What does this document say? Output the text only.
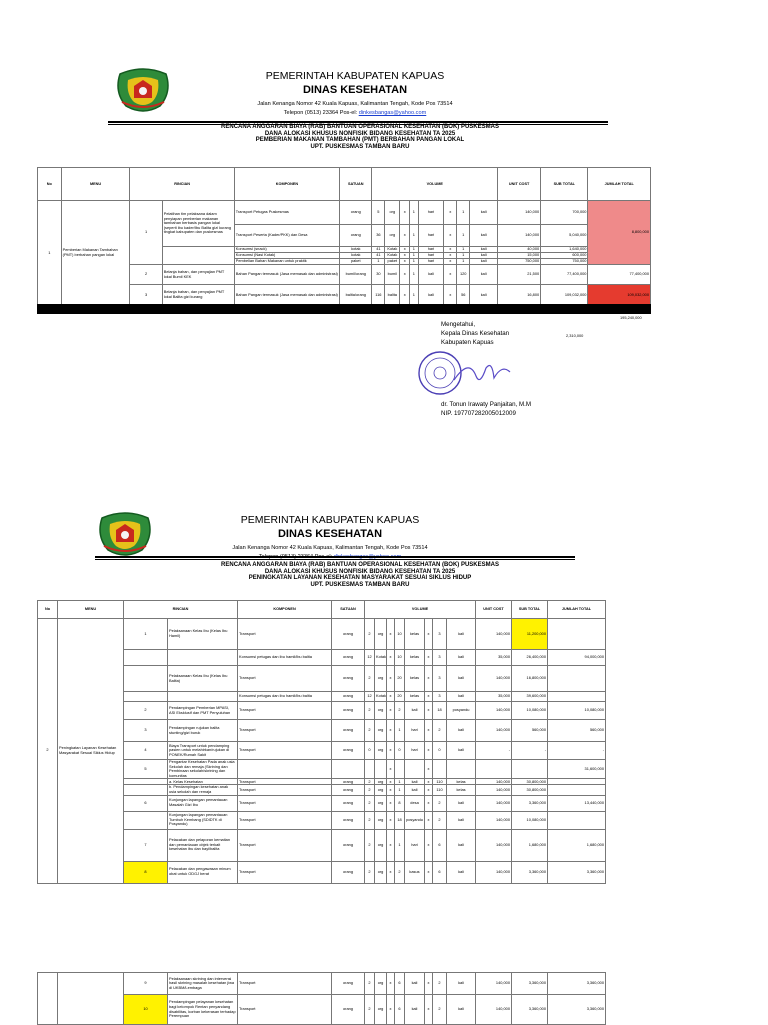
PEMERINTAH KABUPATEN KAPUAS
DINAS KESEHATAN
Jalan Kenanga Nomor 42 Kuala Kapuas, Kalimantan Tengah, Kode Pos 73514
Telepon (0513) 23364 Pos-el: dinkesbangas@yahoo.com
RENCANA ANGGARAN BIAYA (RAB) BANTUAN OPERASIONAL KESEHATAN (BOK) PUSKESMAS
DANA ALOKASI KHUSUS NONFISIK BIDANG KESEHATAN TA 2025
PEMBERIAN MAKANAN TAMBAHAN (PMT) BERBAHAN PANGAN LOKAL
UPT. PUSKESMAS TAMBAN BARU
No	MENU	RINCIAN		KOMPONEN	SATUAN	VOLUME								UNIT COST	SUB TOTAL	JUMLAH TOTAL
1	Pemberian Makanan Tambahan (PMT) berbahan pangan lokal	1	Pelatihan tim pelaksana dalam penyiapan pemberian makanan tambahan berbasis pangan lokal (seperti ibu kader/Ibu Balita gizi kurang tingkat kabupaten dan puskesmas	Transport Petugas Puskesmas	orang	5	org	x	1	hari	x	1	kali	140,000	700,000	8,800,000
				Transport Peserta (Kader/PKK) dan Desa	orang	36	org	x	1	hari	x	1	kali	140,000	5,040,000	
				Konsumsi (snack)	kotak	41	Kotak	x	1	hari	x	1	kali	40,000	1,640,000	
				Konsumsi (Nasi Kotak)	kotak	41	Kotak	x	1	hari	x	1	kali	15,000	600,000	
				Pembelian Bahan Makanan untuk praktik	paket	1	paket	x	1	hari	x	1	kali	750,000	750,000	
		2	Belanja bahan, dan penyajian PMT lokal Bumil KEK	Bahan Pangan termasuk (Jasa memasak dan administrasi)	bumil/orang	30	bumil	x	1	kali	x	120	kali	21,500	77,400,000	77,400,000
		3	Belanja bahan, dan penyajian PMT lokal Balita gizi kurang	Bahan Pangan termasuk (Jasa memasak dan administrasi)	balita/orang	116	balita	x	1	kali	x	56	kali	16,800	109,032,000	109,032,000
195,240,000
2,310,000
Mengetahui,
Kepala Dinas Kesehatan
Kabupaten Kapuas
dr. Tonun Irawaty Panjaitan, M.M
NIP. 197707282005012009
PEMERINTAH KABUPATEN KAPUAS
DINAS KESEHATAN
Jalan Kenanga Nomor 42 Kuala Kapuas, Kalimantan Tengah, Kode Pos 73514
Telepon (0513) 23364 Pos-el: dinkesbangas@yahoo.com
RENCANA ANGGARAN BIAYA (RAB) BANTUAN OPERASIONAL KESEHATAN (BOK) PUSKESMAS
DANA ALOKASI KHUSUS NONFISIK BIDANG KESEHATAN TA 2025
PENINGKATAN LAYANAN KESEHATAN MASYARAKAT SESUAI SIKLUS HIDUP
UPT. PUSKESMAS TAMBAN BARU
No	MENU	RINCIAN		KOMPONEN	SATUAN	VOLUME								UNIT COST	SUB TOTAL	JUMLAH TOTAL
2	Peningkatan Layanan Kesehatan Masyarakat Sesuai Siklus Hidup	1	Pelaksanaan Kelas Ibu (Kelas Ibu Hamil)	Transport	orang	2	org	x	10	kelas	x	3	kali	140,000	11,200,000	
				Konsumsi petugas dan ibu hamil/ibu balita	orang	12	Kotak	x	10	kelas	x	3	kali	35,000	26,400,000	94,000,000
			Pelaksanaan Kelas Ibu (Kelas Ibu Balita)	Transport	orang	2	org	x	20	kelas	x	3	kali	140,000	16,800,000	
				Konsumsi petugas dan ibu hamil/ibu balita	orang	12	Kotak	x	20	kelas	x	3	kali	35,000	39,600,000	
		2	Pendampingan Pemberian MPASI, ASI Eksklusif dan PMT Penyuluhan	Transport	orang	2	org	x	2	kali	x	18	posyandu	140,000	10,080,000	10,080,000
		3	Pendampingan rujukan balita stunting/gizi buruk	Transport	orang	2	org	x	1	hari	x	2	kali	140,000	560,000	560,000
		4	Biaya Transport untuk pendamping pasien untuk melahirkan/rujukan di PONEK/Rumah Sakit	Transport	orang	0	org	x	0	hari	x	0	kali	-	-	-
		5	Pengantar Kesehatan Pada anak usia Sekolah dan remaja (Skrining dan Pembinaan sekolah/skrining dan komunitas					x			x					31,600,000
			a. Kelas Kesehatan	Transport	orang	2	org	x	1	kali	x	110	kelas	140,000	30,800,000	
			b. Pendampingan kesehatan anak usia sekolah dan remaja	Transport	orang	2	org	x	1	kali	x	110	kelas	140,000	30,800,000	
		6	Kunjungan lapangan pemantauan Masalah Gizi Ibu	Transport	orang	2	org	x	8	desa	x	2	kali	140,000	3,360,000	13,440,000
			Kunjungan lapangan pemantauan Tumbuh Kembang (SDIDTK di Posyandu)	Transport	orang	2	org	x	18	posyandu	x	2	kali	140,000	10,080,000	
		7	Pelacakan dan pelaporan kematian dan pemantauan objek terkait kesehatan ibu dan bayi/balita	Transport	orang	2	org	x	1	hari	x	6	kali	140,000	1,680,000	1,680,000
		8	Pelacakan dan pengawasan minum obat untuk ODGJ berat	Transport	orang	2	org	x	2	kasus	x	6	kali	140,000	3,360,000	3,360,000
		9	Pelaksanaan skrining dan intervensi hasil skrining masalah kesehatan jiwa di UKBM/Lembaga	Transport	orang	2	org	x	6	kali	x	2	kali	140,000	3,360,000	3,360,000
		10	Pendampingan pelayanan kesehatan bagi kelompok Rentan penyandang disabilitas, korban kekerasan terhadap Perempuan	Transport	orang	2	org	x	6	kali	x	2	kali	140,000	3,360,000	3,360,000
